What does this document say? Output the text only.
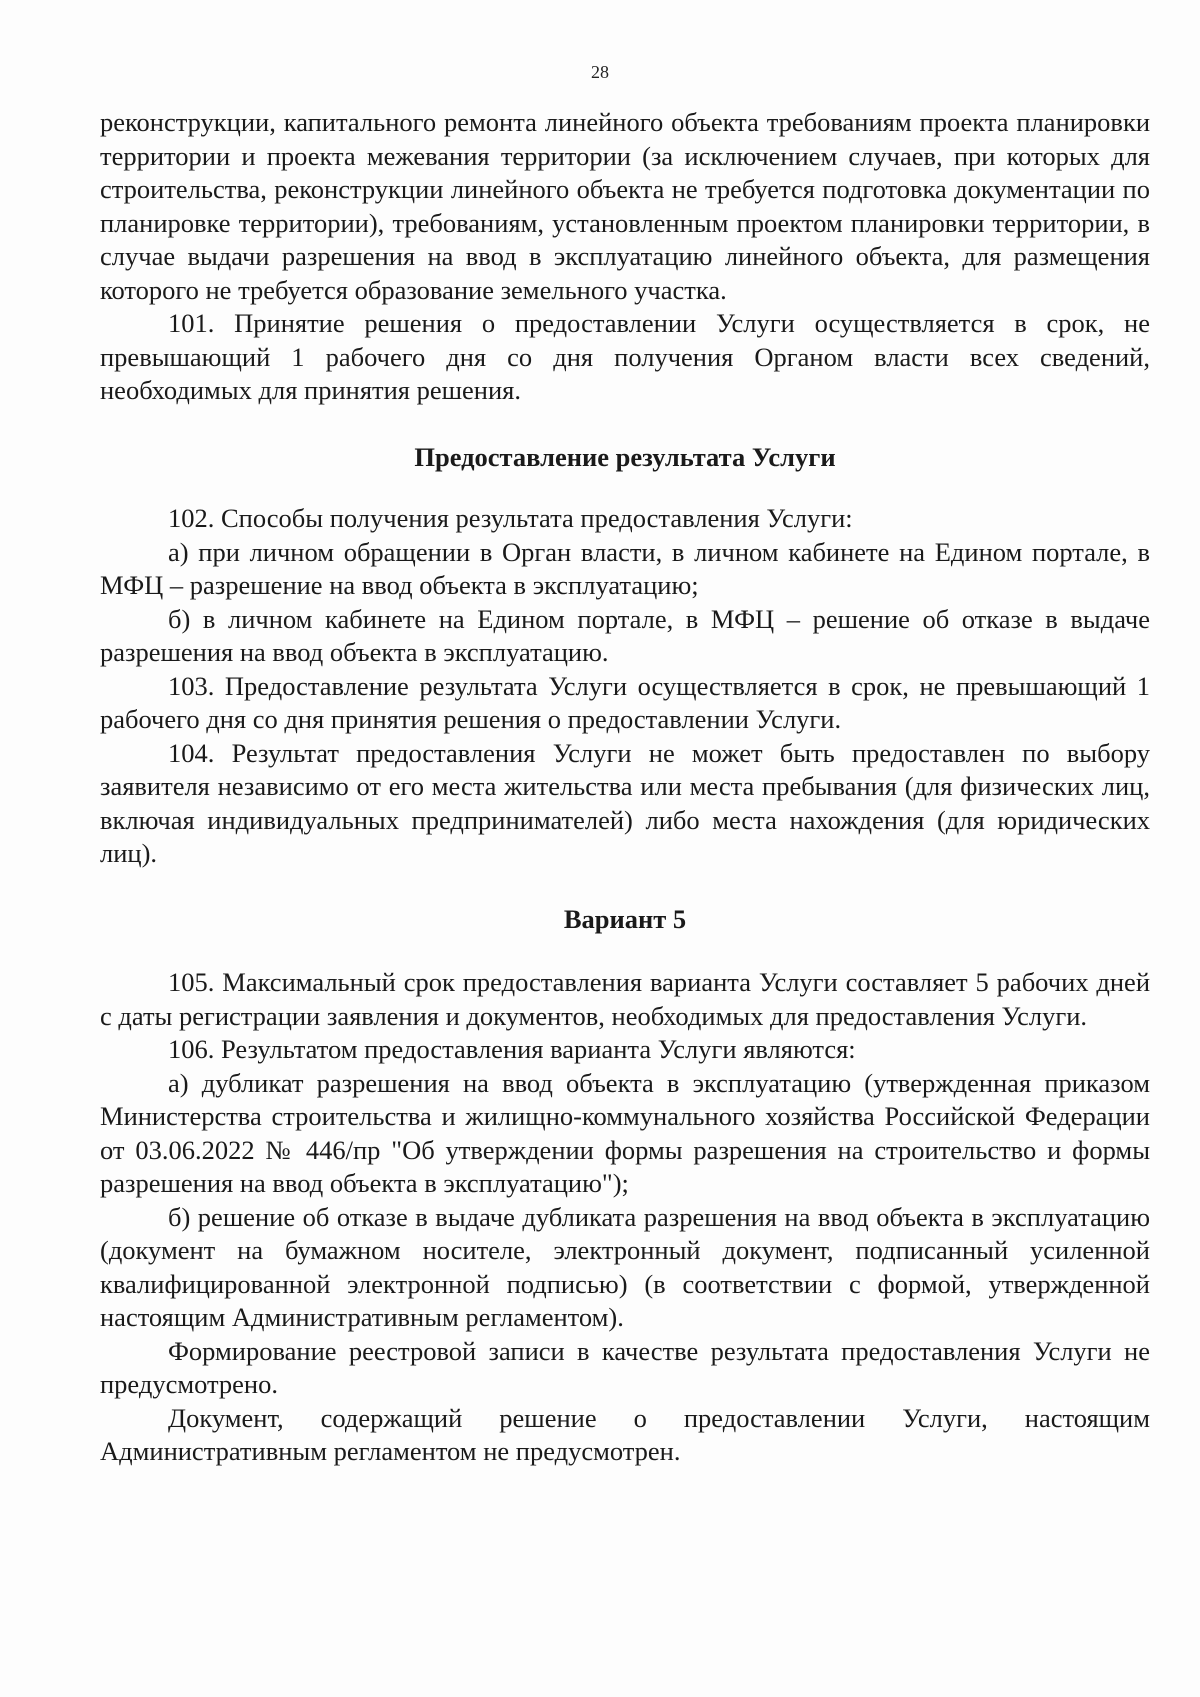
28

реконструкции, капитального ремонта линейного объекта требованиям проекта планировки территории и проекта межевания территории (за исключением случаев, при которых для строительства, реконструкции линейного объекта не требуется подготовка документации по планировке территории), требованиям, установленным проектом планировки территории, в случае выдачи разрешения на ввод в эксплуатацию линейного объекта, для размещения которого не требуется образование земельного участка.

101. Принятие решения о предоставлении Услуги осуществляется в срок, не превышающий 1 рабочего дня со дня получения Органом власти всех сведений, необходимых для принятия решения.

Предоставление результата Услуги

102. Способы получения результата предоставления Услуги:

а) при личном обращении в Орган власти, в личном кабинете на Едином портале, в МФЦ – разрешение на ввод объекта в эксплуатацию;

б) в личном кабинете на Едином портале, в МФЦ – решение об отказе в выдаче разрешения на ввод объекта в эксплуатацию.

103. Предоставление результата Услуги осуществляется в срок, не превышающий 1 рабочего дня со дня принятия решения о предоставлении Услуги.

104. Результат предоставления Услуги не может быть предоставлен по выбору заявителя независимо от его места жительства или места пребывания (для физических лиц, включая индивидуальных предпринимателей) либо места нахождения (для юридических лиц).

Вариант 5

105. Максимальный срок предоставления варианта Услуги составляет 5 рабочих дней с даты регистрации заявления и документов, необходимых для предоставления Услуги.

106. Результатом предоставления варианта Услуги являются:

а) дубликат разрешения на ввод объекта в эксплуатацию (утвержденная приказом Министерства строительства и жилищно-коммунального хозяйства Российской Федерации от 03.06.2022 № 446/пр "Об утверждении формы разрешения на строительство и формы разрешения на ввод объекта в эксплуатацию");

б) решение об отказе в выдаче дубликата разрешения на ввод объекта в эксплуатацию (документ на бумажном носителе, электронный документ, подписанный усиленной квалифицированной электронной подписью) (в соответствии с формой, утвержденной настоящим Административным регламентом).

Формирование реестровой записи в качестве результата предоставления Услуги не предусмотрено.

Документ, содержащий решение о предоставлении Услуги, настоящим Административным регламентом не предусмотрен.
